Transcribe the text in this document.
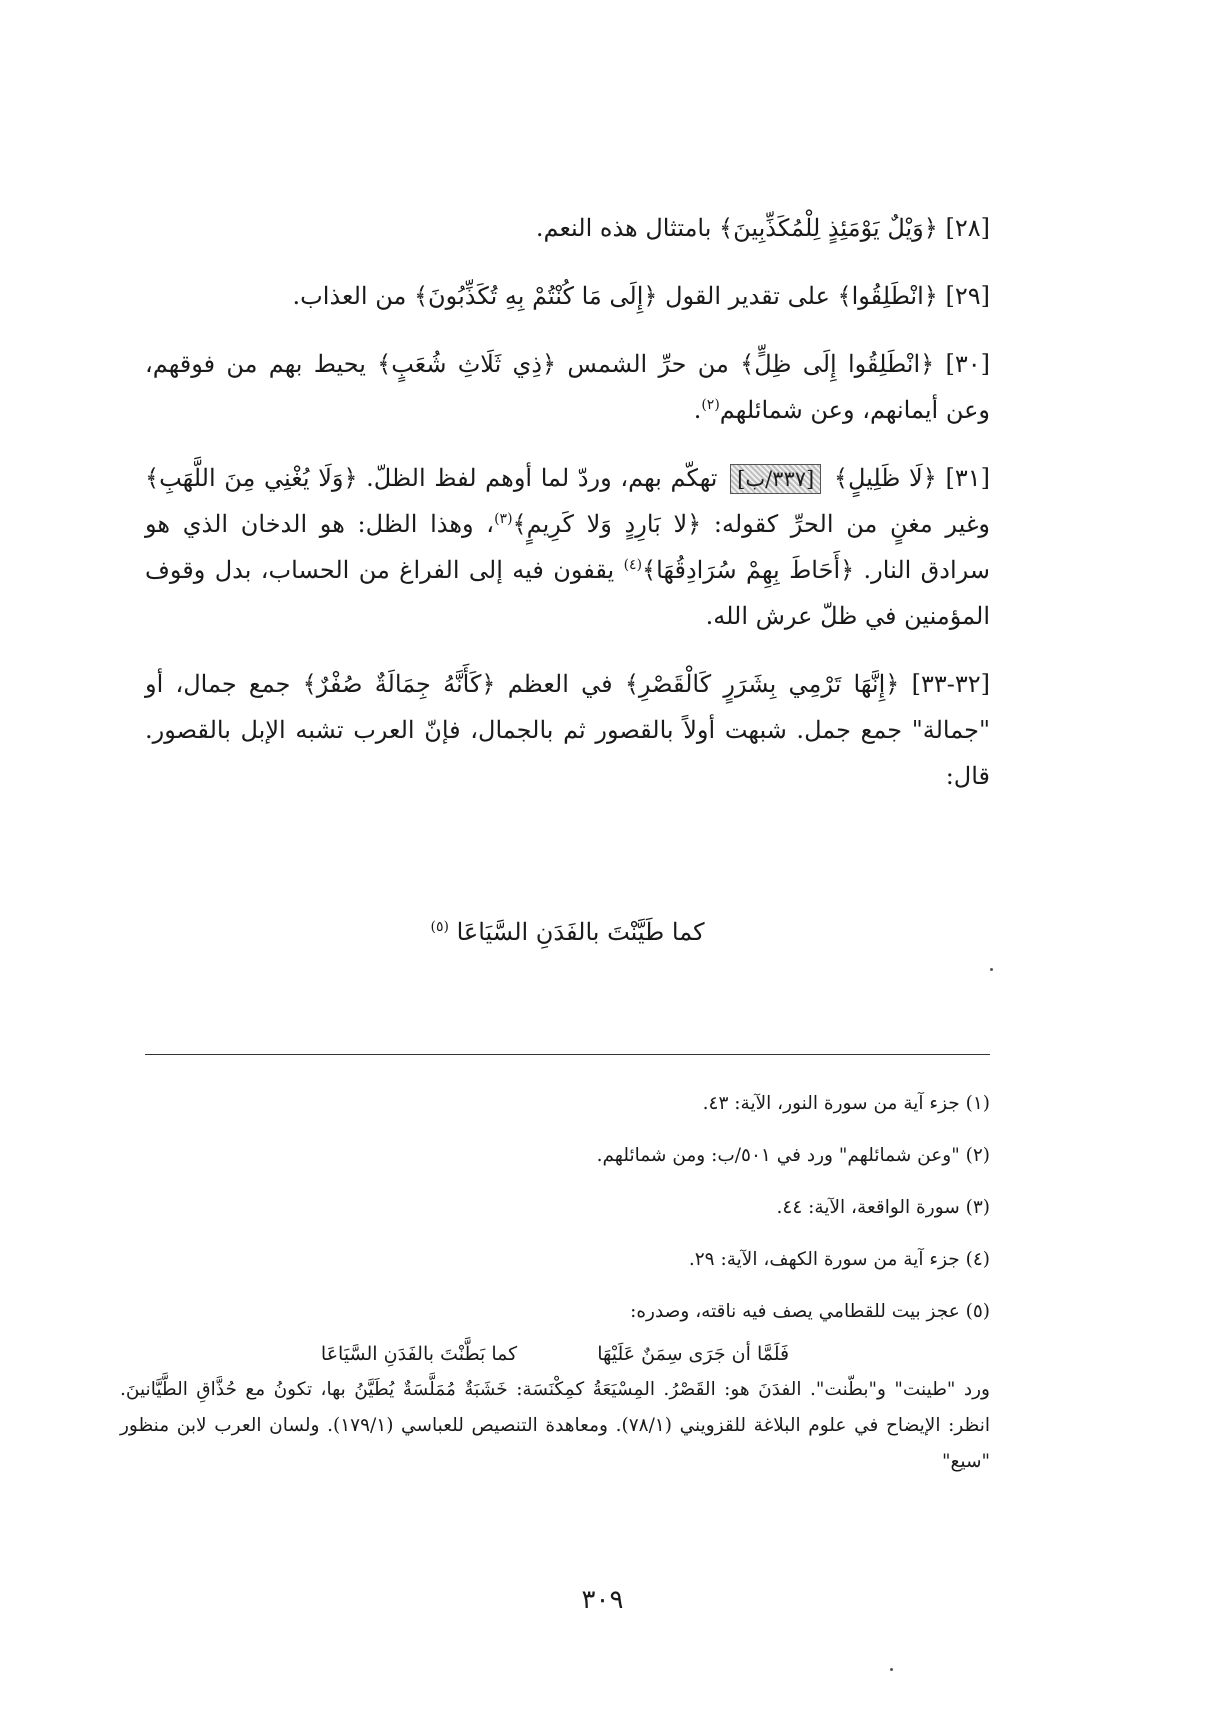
[٢٨] ﴿وَيْلٌ يَوْمَئِذٍ لِلْمُكَذِّبِينَ﴾ بامتثال هذه النعم.

[٢٩] ﴿انْطَلِقُوا﴾ على تقدير القول ﴿إِلَى مَا كُنْتُمْ بِهِ تُكَذِّبُونَ﴾ من العذاب.

[٣٠] ﴿انْطَلِقُوا إِلَى ظِلٍّ﴾ من حرِّ الشمس ﴿ذِي ثَلَاثِ شُعَبٍ﴾ يحيط بهم من فوقهم، وعن أيمانهم، وعن شمائلهم$^{(٢)}$.

[٣١] ﴿لَا ظَلِيلٍ﴾ [٣٣٧/ب] تهكّم بهم، وردّ لما أوهم لفظ الظلّ. ﴿وَلَا يُغْنِي مِنَ اللَّهَبِ﴾ وغير مغنٍ من الحرِّ كقوله: ﴿لا بَارِدٍ وَلا كَرِيمٍ﴾$^{(٣)}$، وهذا الظل: هو الدخان الذي هو سرادق النار. ﴿أَحَاطَ بِهِمْ سُرَادِقُهَا﴾$^{(٤)}$ يقفون فيه إلى الفراغ من الحساب، بدل وقوف المؤمنين في ظلّ عرش الله.

[٣٢-٣٣] ﴿إِنَّهَا تَرْمِي بِشَرَرٍ كَالْقَصْرِ﴾ في العظم ﴿كَأَنَّهُ جِمَالَةٌ صُفْرٌ﴾ جمع جمال، أو "جمالة" جمع جمل. شبهت أولاً بالقصور ثم بالجمال، فإنّ العرب تشبه الإبل بالقصور. قال:

كما طَيَّنْتَ بالفَدَنِ السَّيَاعَا $^{(٥)}$

(١) جزء آية من سورة النور، الآية: ٤٣.

(٢) "وعن شمائلهم" ورد في ٥٠١/ب: ومن شمائلهم.

(٣) سورة الواقعة، الآية: ٤٤.

(٤) جزء آية من سورة الكهف، الآية: ٢٩.

(٥) عجز بيت للقطامي يصف فيه ناقته، وصدره:

فَلَمَّا أن جَرَى سِمَنٌ عَلَيْهَا
كما بَطَّنْتَ بالفَدَنِ السَّيَاعَا

ورد "طينت" و"بطّنت". الفدَنَ هو: القَصْرُ. المِسْيَعَةُ كمِكْنَسَة: خَشَبَةٌ مُمَلَّسَةٌ يُطَيَّنُ بها، تكونُ مع حُذَّاقِ الطَّيَّانينَ. انظر: الإيضاح في علوم البلاغة للقزويني (٧٨/١). ومعاهدة التنصيص للعباسي (١٧٩/١). ولسان العرب لابن منظور "سيع"

٣٠٩
